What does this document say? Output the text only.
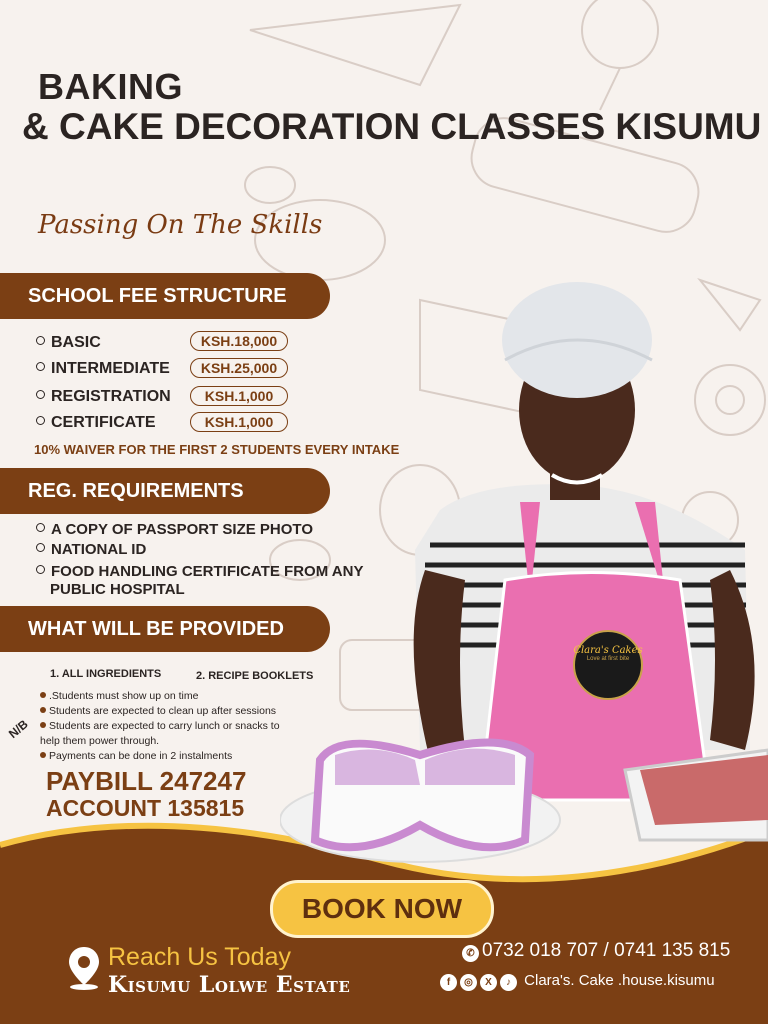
Clara's Cakes
Love at first bite
BAKING
& CAKE DECORATION CLASSES KISUMU
Passing On The Skills
SCHOOL FEE STRUCTURE
BASIC	KSH.18,000
INTERMEDIATE	KSH.25,000
REGISTRATION	KSH.1,000
CERTIFICATE	KSH.1,000
10% WAIVER FOR THE FIRST 2 STUDENTS EVERY INTAKE
REG. REQUIREMENTS
A COPY OF PASSPORT SIZE PHOTO
NATIONAL ID
FOOD HANDLING CERTIFICATE FROM ANY
PUBLIC HOSPITAL
WHAT WILL BE PROVIDED
1. ALL INGREDIENTS	2. RECIPE BOOKLETS
N/B
.Students must show up on time
Students are expected to clean up after sessions
Students are expected to carry lunch or snacks to
help them power through.
Payments can be done in 2 instalments
PAYBILL 247247
ACCOUNT 135815
BOOK NOW
Reach Us Today
Kisumu Lolwe Estate
✆ 0732 018 707 / 0741 135 815
f ◎ X ♪ Clara's. Cake .house.kisumu
